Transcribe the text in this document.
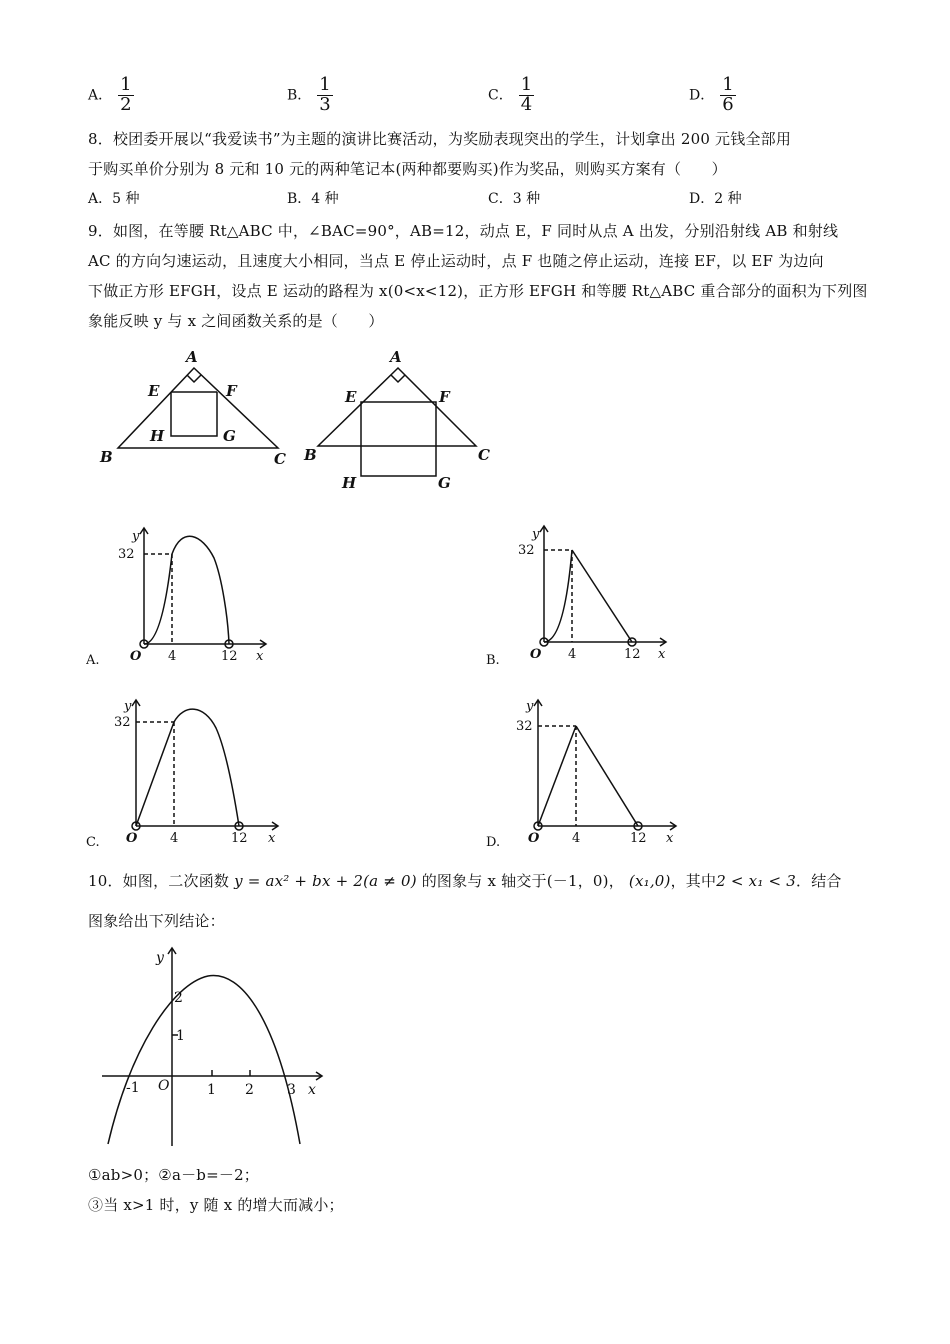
A． $\frac{1}{2}$	B． $\frac{1}{3}$	C． $\frac{1}{4}$	D． $\frac{1}{6}$
8．校团委开展以“我爱读书”为主题的演讲比赛活动，为奖励表现突出的学生，计划拿出 200 元钱全部用
于购买单价分别为 8 元和 10 元的两种笔记本(两种都要购买)作为奖品，则购买方案有（　　）
A．5 种	B．4 种	C．3 种	D．2 种
9．如图，在等腰 Rt△ABC 中，∠BAC=90°，AB=12，动点 E，F 同时从点 A 出发，分别沿射线 AB 和射线
AC 的方向匀速运动，且速度大小相同，当点 E 停止运动时，点 F 也随之停止运动，连接 EF，以 EF 为边向
下做正方形 EFGH，设点 E 运动的路程为 x(0<x<12)，正方形 EFGH 和等腰 Rt△ABC 重合部分的面积为下列图
象能反映 y 与 x 之间函数关系的是（　　）
A
E	F
H	G
B	C
A
E	F
B	C
H	G
y
32
O 4	12 x
A.
y
32
O 4	12 x
B.
y
32
O	4	12 x
C.
y
32
O	4	12 x
D.
10．如图，二次函数 y = ax² + bx + 2(a ≠ 0) 的图象与 x 轴交于(－1，0)， (x₁,0)，其中2 < x₁ < 3．结合
图象给出下列结论：
y
2
1
-1 O	1 2 3 x
①ab>0；②a－b=－2；
③当 x>1 时，y 随 x 的增大而减小；
